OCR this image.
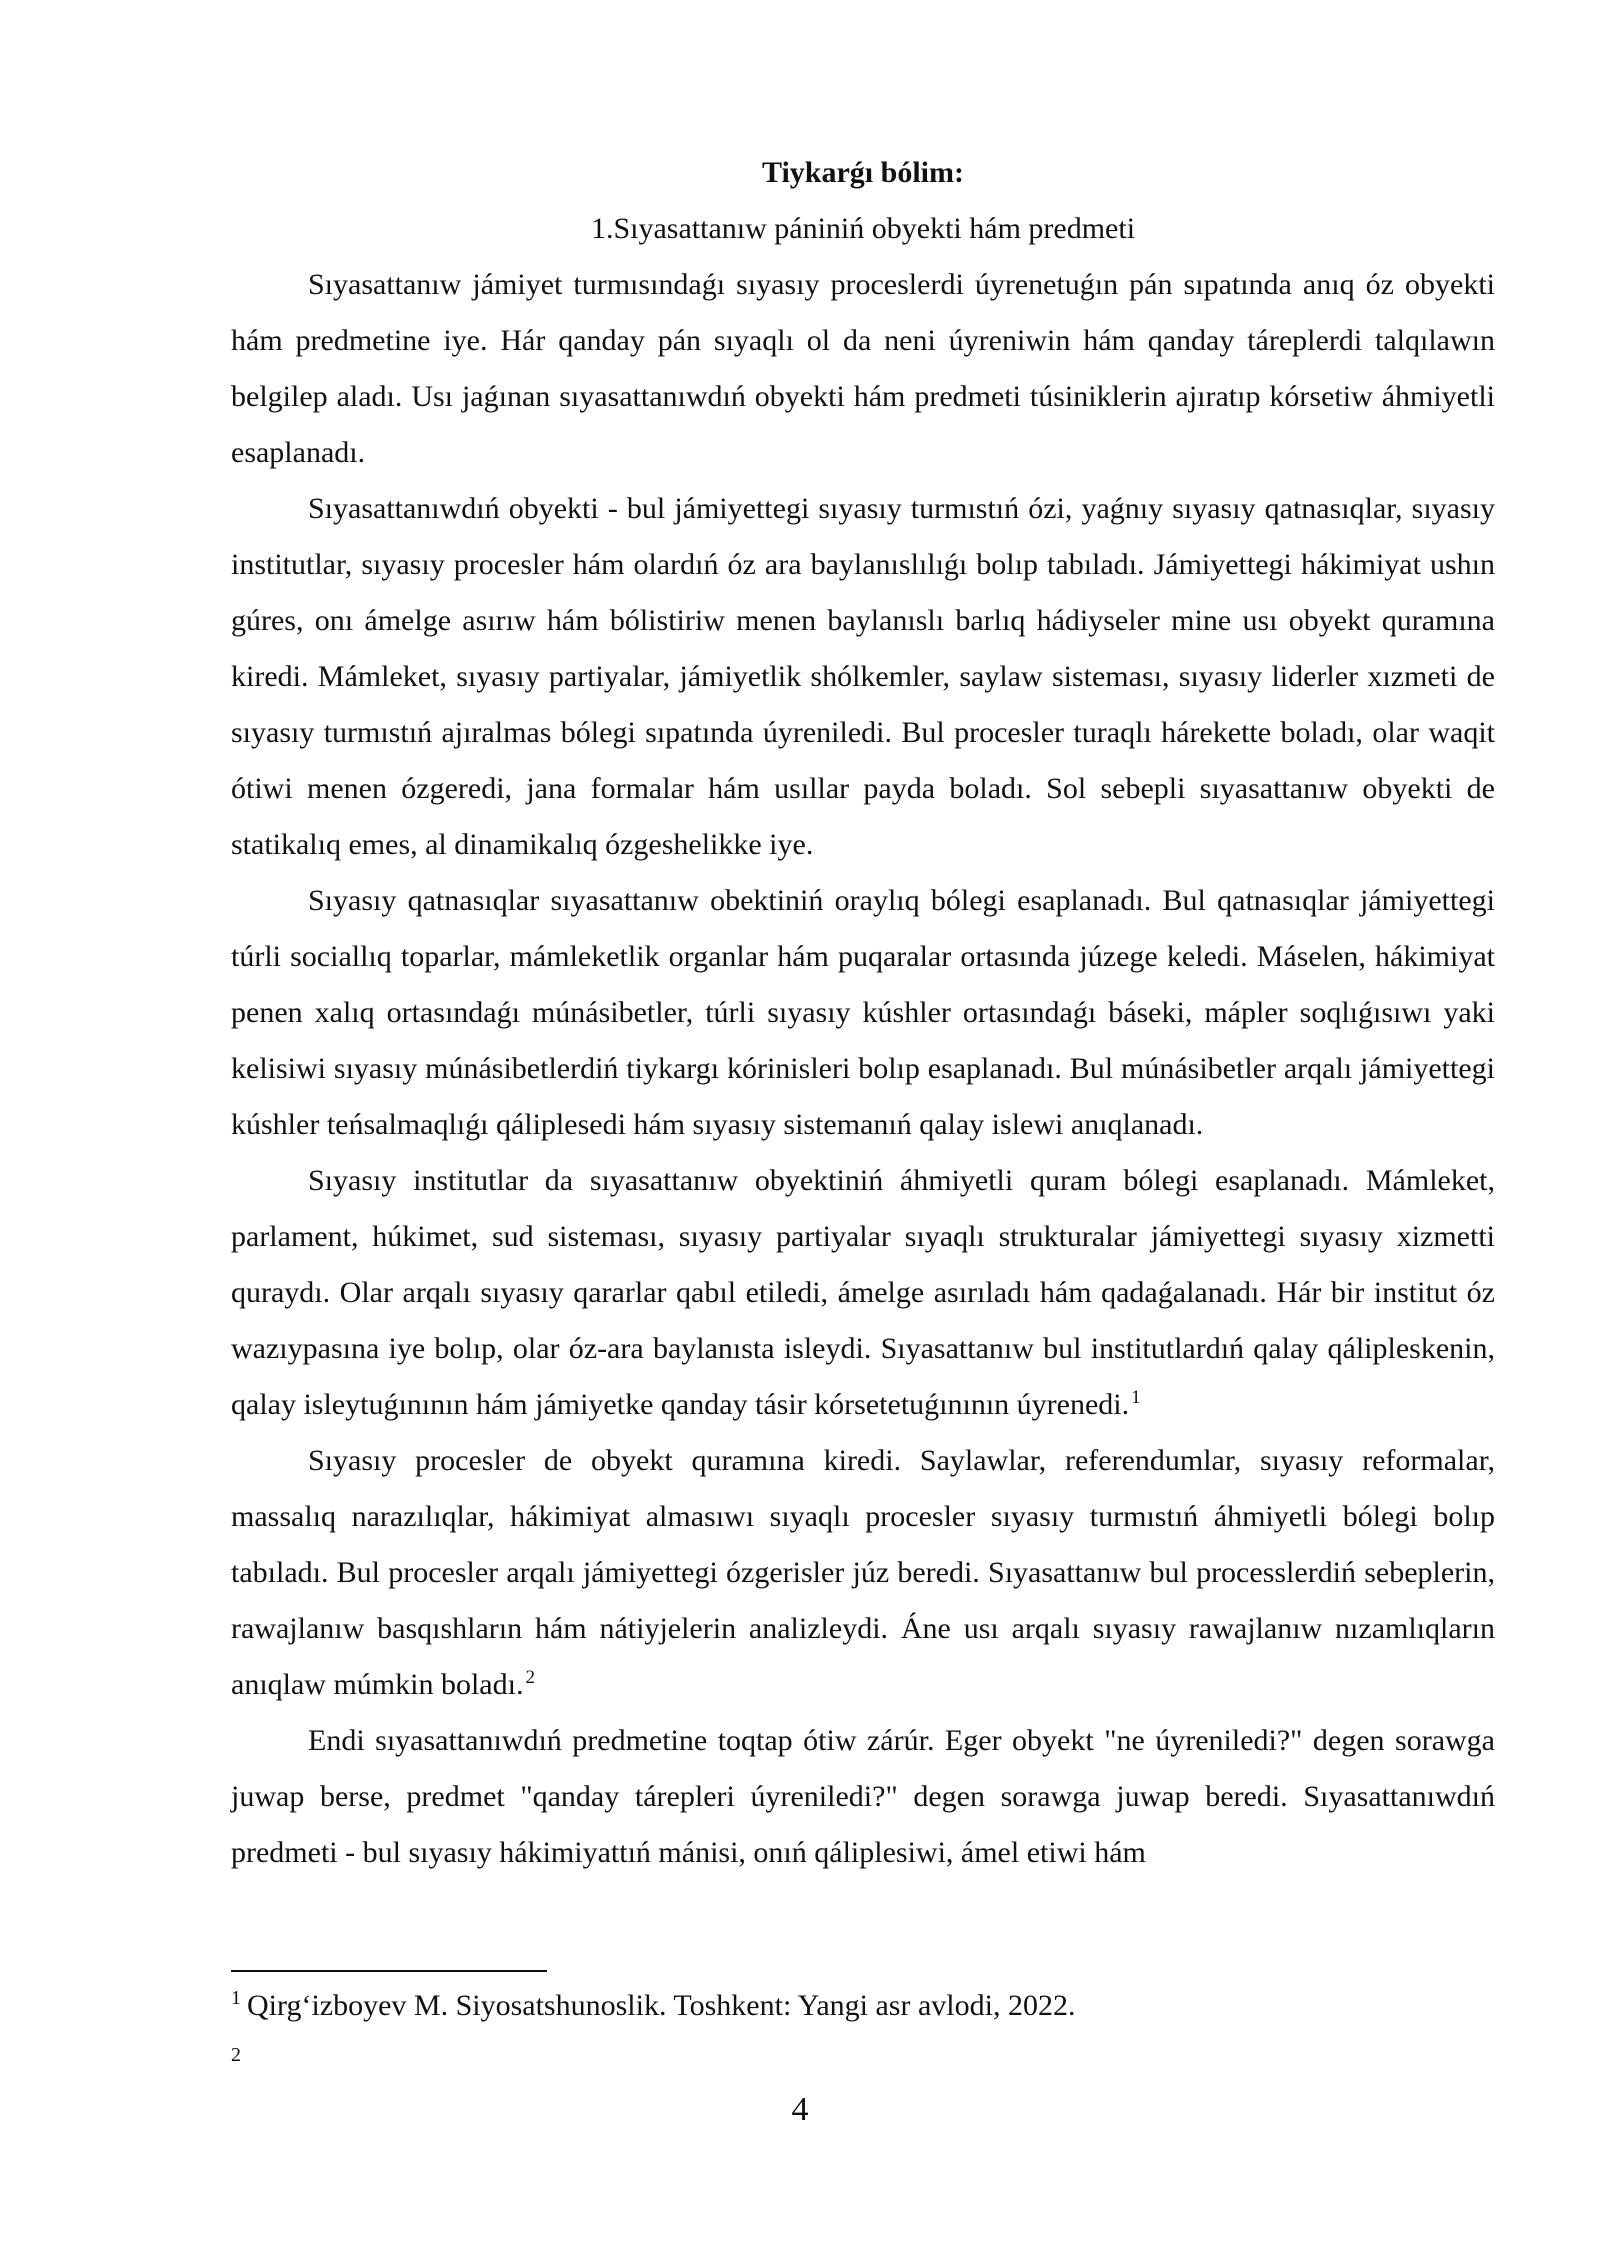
Tiykarǵı bólim:

1.Sıyasattanıw pániniń obyekti hám predmeti

Sıyasattanıw jámiyet turmısındaǵı sıyasıy proceslerdi úyrenetuǵın pán sıpatında anıq óz obyekti hám predmetine iye. Hár qanday pán sıyaqlı ol da neni úyreniwin hám qanday táreplerdi talqılawın belgilep aladı. Usı jaǵınan sıyasattanıwdıń obyekti hám predmeti túsiniklerin ajıratıp kórsetiw áhmiyetli esaplanadı.

Sıyasattanıwdıń obyekti - bul jámiyettegi sıyasıy turmıstıń ózi, yaǵnıy sıyasıy qatnasıqlar, sıyasıy institutlar, sıyasıy procesler hám olardıń óz ara baylanıslılıǵı bolıp tabıladı. Jámiyettegi hákimiyat ushın gúres, onı ámelge asırıw hám bólistiriw menen baylanıslı barlıq hádiyseler mine usı obyekt quramına kiredi. Mámleket, sıyasıy partiyalar, jámiyetlik shólkemler, saylaw sisteması, sıyasıy liderler xızmeti de sıyasıy turmıstıń ajıralmas bólegi sıpatında úyreniledi. Bul procesler turaqlı hárekette boladı, olar waqit ótiwi menen ózgeredi, jana formalar hám usıllar payda boladı. Sol sebepli sıyasattanıw obyekti de statikalıq emes, al dinamikalıq ózgeshelikke iye.

Sıyasıy qatnasıqlar sıyasattanıw obektiniń oraylıq bólegi esaplanadı. Bul qatnasıqlar jámiyettegi túrli sociallıq toparlar, mámleketlik organlar hám puqaralar ortasında júzege keledi. Máselen, hákimiyat penen xalıq ortasındaǵı múnásibetler, túrli sıyasıy kúshler ortasındaǵı báseki, mápler soqlıǵısıwı yaki kelisiwi sıyasıy múnásibetlerdiń tiykargı kórinisleri bolıp esaplanadı. Bul múnásibetler arqalı jámiyettegi kúshler teńsalmaqlıǵı qáliplesedi hám sıyasıy sistemanıń qalay islewi anıqlanadı.

Sıyasıy institutlar da sıyasattanıw obyektiniń áhmiyetli quram bólegi esaplanadı. Mámleket, parlament, húkimet, sud sisteması, sıyasıy partiyalar sıyaqlı strukturalar jámiyettegi sıyasıy xizmetti quraydı. Olar arqalı sıyasıy qararlar qabıl etiledi, ámelge asırıladı hám qadaǵalanadı. Hár bir institut óz wazıypasına iye bolıp, olar óz-ara baylanısta isleydi. Sıyasattanıw bul institutlardıń qalay qálipleskenin, qalay isleytuǵınının hám jámiyetke qanday tásir kórsetetuǵınının úyrenedi. $^1$

Sıyasıy procesler de obyekt quramına kiredi. Saylawlar, referendumlar, sıyasıy reformalar, massalıq narazılıqlar, hákimiyat almasıwı sıyaqlı procesler sıyasıy turmıstıń áhmiyetli bólegi bolıp tabıladı. Bul procesler arqalı jámiyettegi ózgerisler júz beredi. Sıyasattanıw bul processlerdiń sebeplerin, rawajlanıw basqıshların hám nátiyjelerin analizleydi. Áne usı arqalı sıyasıy rawajlanıw nızamlıqların anıqlaw múmkin boladı. $^2$

Endi sıyasattanıwdıń predmetine toqtap ótiw zárúr. Eger obyekt "ne úyreniledi?" degen sorawga juwap berse, predmet "qanday tárepleri úyreniledi?" degen sorawga juwap beredi. Sıyasattanıwdıń predmeti - bul sıyasıy hákimiyattıń mánisi, onıń qáliplesiwi, ámel etiwi hám

$^1$ Qirg‘izboyev M. Siyosatshunoslik. Toshkent: Yangi asr avlodi, 2022.

2

4
